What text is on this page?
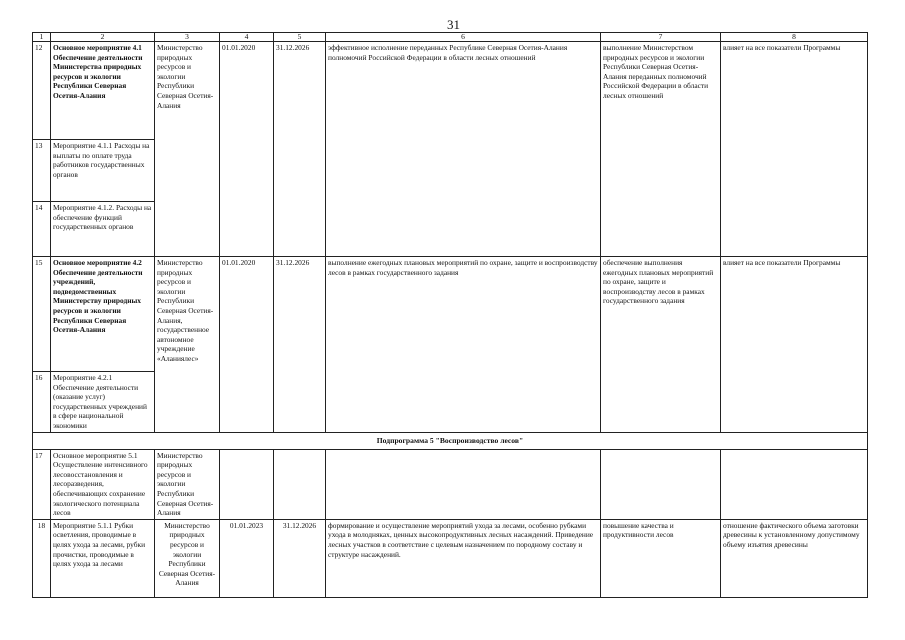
31
1	2	3	4	5	6	7	8
12	Основное мероприятие 4.1 Обеспечение деятельности Министерства природных ресурсов и экологии Республики Северная Осетия-Алания	Министерство природных ресурсов и экологии Республики Северная Осетия-Алания	01.01.2020	31.12.2026	эффективное исполнение переданных Республике Северная Осетия-Алания полномочий Российской Федерации в области лесных отношений	выполнение Министерством природных ресурсов и экологии Республики Северная Осетия-Алания переданных полномочий Российской Федерации в области лесных отношений	влияет на все показатели Программы
13	Мероприятие 4.1.1 Расходы на выплаты по оплате труда работников государственных органов						
14	Мероприятие 4.1.2. Расходы на обеспечение функций государственных органов						
15	Основное мероприятие 4.2 Обеспечение деятельности учреждений, подведомственных Министерству природных ресурсов и экологии Республики Северная Осетия-Алания	Министерство природных ресурсов и экологии Республики Северная Осетия-Алания, государственное автономное учреждение «Аланиялес»	01.01.2020	31.12.2026	выполнение ежегодных плановых мероприятий по охране, защите и воспроизводству лесов в рамках государственного задания	обеспечение выполнения ежегодных плановых мероприятий по охране, защите и воспроизводству лесов в рамках государственного задания	влияет на все показатели Программы
16	Мероприятие 4.2.1 Обеспечение деятельности (оказание услуг) государственных учреждений в сфере национальной экономики						
Подпрограмма 5 "Воспроизводство лесов"							
17	Основное мероприятие 5.1 Осуществление интенсивного лесовосстановления и лесоразведения, обеспечивающих сохранение экологического потенциала лесов	Министерство природных ресурсов и экологии Республики Северная Осетия-Алания					
18	Мероприятие 5.1.1 Рубки осветления, проводимые в целях ухода за лесами, рубки прочистки, проводимые в целях ухода за лесами	Министерство природных ресурсов и экологии Республики Северная Осетия-Алания	01.01.2023	31.12.2026	формирование и осуществление мероприятий ухода за лесами, особенно рубками ухода в молодняках, ценных высокопродуктивных лесных насаждений. Приведение лесных участков в соответствие с целевым назначением по породному составу и структуре насаждений.	повышение качества и продуктивности лесов	отношение фактического объема заготовки древесины к установленному допустимому объему изъятия древесины
